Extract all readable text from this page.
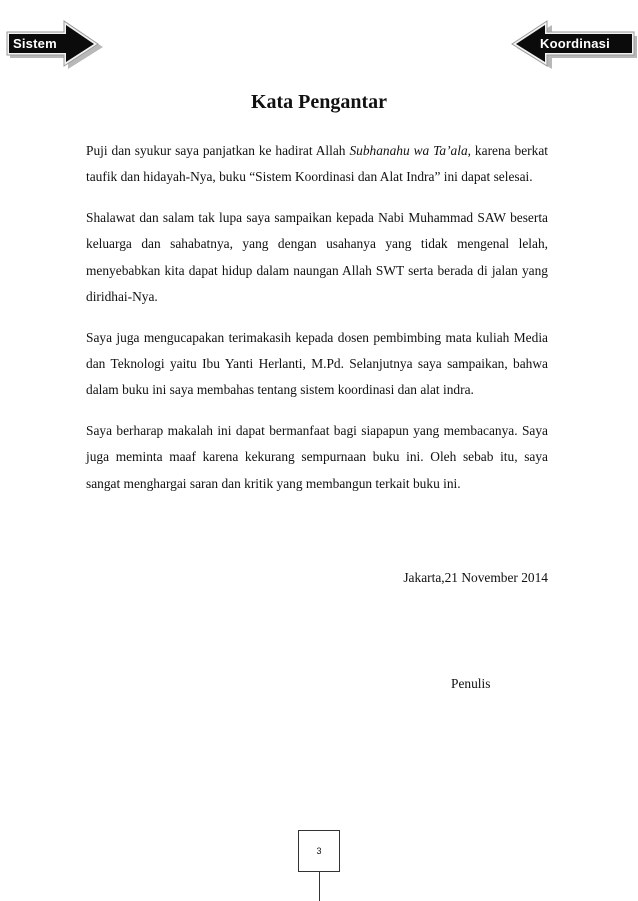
Sistem	Koordinasi
Kata Pengantar

Puji dan syukur saya panjatkan ke hadirat Allah Subhanahu wa Ta’ala, karena berkat taufik dan hidayah-Nya, buku “Sistem Koordinasi dan Alat Indra” ini dapat selesai.

Shalawat dan salam tak lupa saya sampaikan kepada Nabi Muhammad SAW beserta keluarga dan sahabatnya, yang dengan usahanya yang tidak mengenal lelah, menyebabkan kita dapat hidup dalam naungan Allah SWT serta berada di jalan yang diridhai-Nya.

Saya juga mengucapakan terimakasih kepada dosen pembimbing mata kuliah Media dan Teknologi yaitu Ibu Yanti Herlanti, M.Pd. Selanjutnya saya sampaikan, bahwa dalam buku ini saya membahas tentang sistem koordinasi dan alat indra.

Saya berharap makalah ini dapat bermanfaat bagi siapapun yang membacanya. Saya juga meminta maaf karena kekurang sempurnaan buku ini. Oleh sebab itu, saya sangat menghargai saran dan kritik yang membangun terkait buku ini.

Jakarta,21 November 2014
Penulis
3
